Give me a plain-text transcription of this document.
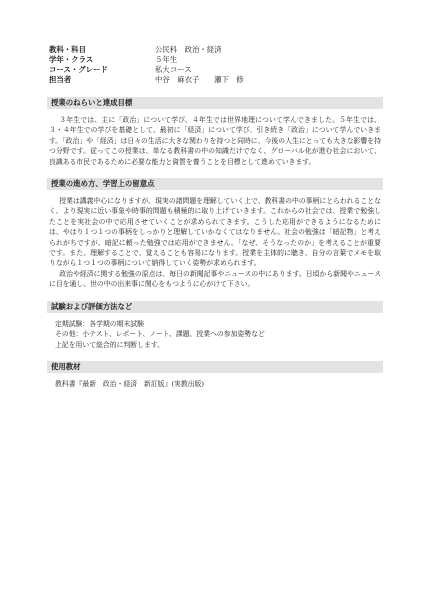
教科・科目	公民科　政治・経済
学年・クラス	５年生
コース・グレード	私大コース
担当者	中谷　麻衣子　　瀬下　修
授業のねらいと達成目標

３年生では、主に「政治」について学び、４年生では世界地理について学んできました。５年生では、３・４年生での学びを基礎として、最初に「経済」について学び、引き続き「政治」について学んでいきます。「政治」や「経済」は日々の生活に大きな関わりを持つと同時に、今後の人生にとっても大きな影響を持つ分野です。従ってこの授業は、単なる教科書の中の知識だけでなく、グローバル化が進む社会において、良識ある市民であるために必要な能力と資質を養うことを目標として進めていきます。

授業の進め方、学習上の留意点

授業は講義中心になりますが、現実の諸問題を理解していく上で、教科書の中の事柄にとらわれることなく、より現実に近い事象や時事的問題も積極的に取り上げていきます。これからの社会では、授業で勉強したことを実社会の中で応用させていくことが求められてきます。こうした応用ができるようになるためには、やはり１つ１つの事柄をしっかりと理解していかなくてはなりません。社会の勉強は「暗記物」と考えられがちですが、暗記に頼った勉強では応用ができません。「なぜ、そうなったのか」を考えることが重要です。また、理解することで、覚えることも容易になります。授業を主体的に聴き、自分の言葉でメモを取りながら１つ１つの事柄について納得していく姿勢が求められます。

政治や経済に関する勉強の原点は、毎日の新聞記事やニュースの中にあります。日頃から新聞やニュースに目を通し、世の中の出来事に関心をもつように心がけて下さい。

試験および評価方法など

定期試験：各学期の期末試験

その他：小テスト、レポート、ノート、課題、授業への参加姿勢など

上記を用いて総合的に判断します。

使用教材

教科書『最新　政治・経済　新訂版』(実教出版)
